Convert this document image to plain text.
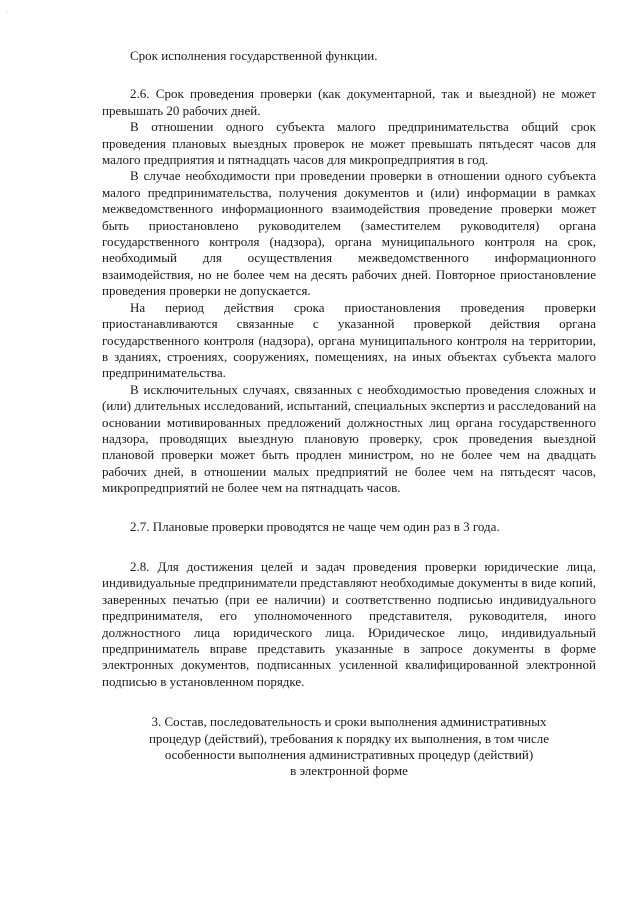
-

Срок исполнения государственной функции.

2.6. Срок проведения проверки (как документарной, так и выездной) не может превышать 20 рабочих дней.

В отношении одного субъекта малого предпринимательства общий срок проведения плановых выездных проверок не может превышать пятьдесят часов для малого предприятия и пятнадцать часов для микропредприятия в год.

В случае необходимости при проведении проверки в отношении одного субъекта малого предпринимательства, получения документов и (или) информации в рамках межведомственного информационного взаимодействия проведение проверки может быть приостановлено руководителем (заместителем руководителя) органа государственного контроля (надзора), органа муниципального контроля на срок, необходимый для осуществления межведомственного информационного взаимодействия, но не более чем на десять рабочих дней. Повторное приостановление проведения проверки не допускается.

На период действия срока приостановления проведения проверки приостанавливаются связанные с указанной проверкой действия органа государственного контроля (надзора), органа муниципального контроля на территории, в зданиях, строениях, сооружениях, помещениях, на иных объектах субъекта малого предпринимательства.

В исключительных случаях, связанных с необходимостью проведения сложных и (или) длительных исследований, испытаний, специальных экспертиз и расследований на основании мотивированных предложений должностных лиц органа государственного надзора, проводящих выездную плановую проверку, срок проведения выездной плановой проверки может быть продлен министром, но не более чем на двадцать рабочих дней, в отношении малых предприятий не более чем на пятьдесят часов, микропредприятий не более чем на пятнадцать часов.

2.7. Плановые проверки проводятся не чаще чем один раз в 3 года.

2.8. Для достижения целей и задач проведения проверки юридические лица, индивидуальные предприниматели представляют необходимые документы в виде копий, заверенных печатью (при ее наличии) и соответственно подписью индивидуального предпринимателя, его уполномоченного представителя, руководителя, иного должностного лица юридического лица. Юридическое лицо, индивидуальный предприниматель вправе представить указанные в запросе документы в форме электронных документов, подписанных усиленной квалифицированной электронной подписью в установленном порядке.

3. Состав, последовательность и сроки выполнения административных
процедур (действий), требования к порядку их выполнения, в том числе
особенности выполнения административных процедур (действий)
в электронной форме
